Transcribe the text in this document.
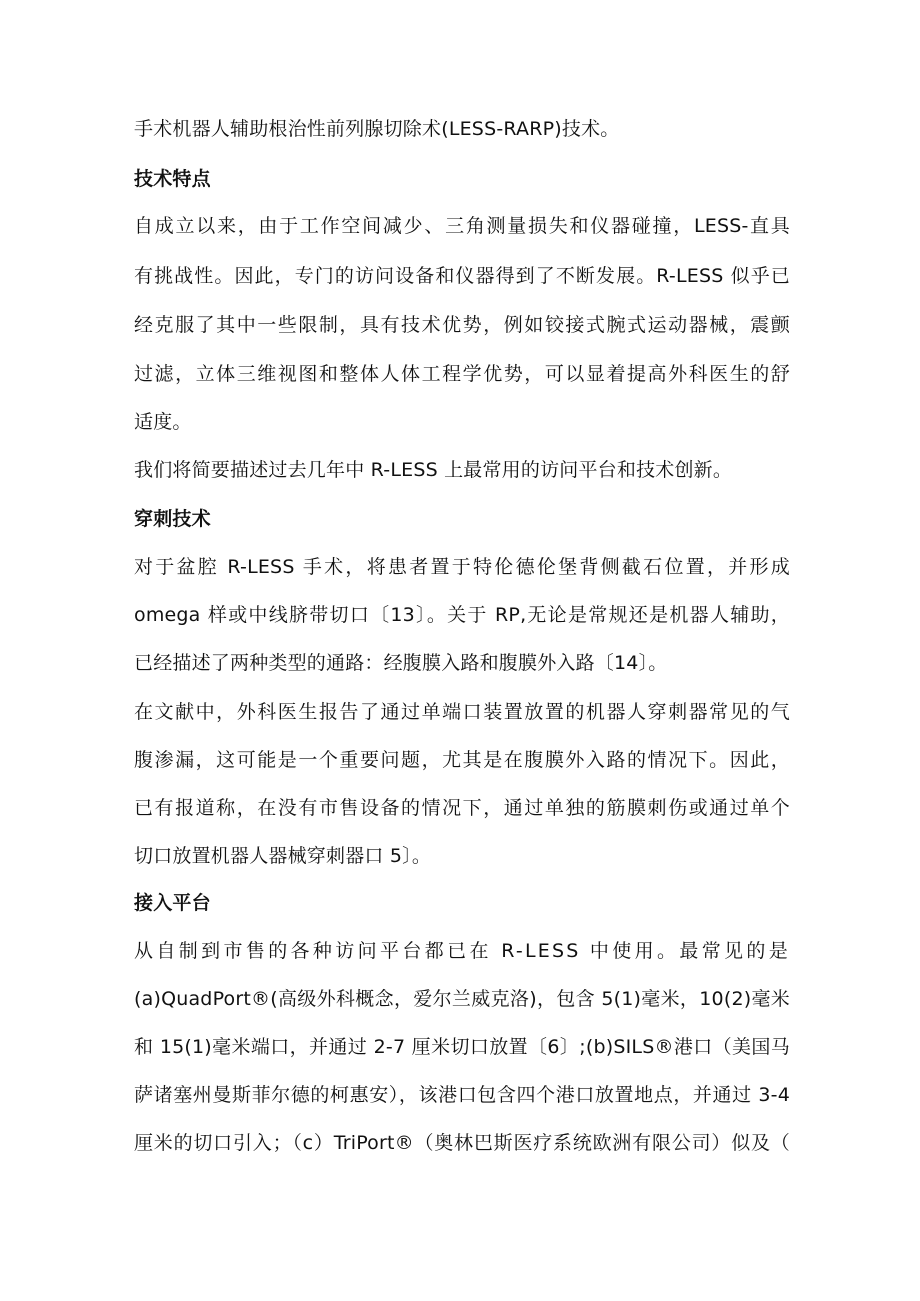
手术机器人辅助根治性前列腺切除术(LESS-RARP)技术。
技术特点
自成立以来，由于工作空间减少、三角测量损失和仪器碰撞，LESS-直具
有挑战性。因此，专门的访问设备和仪器得到了不断发展。R-LESS 似乎已
经克服了其中一些限制，具有技术优势，例如铰接式腕式运动器械，震颤
过滤，立体三维视图和整体人体工程学优势，可以显着提高外科医生的舒
适度。
我们将简要描述过去几年中 R-LESS 上最常用的访问平台和技术创新。
穿刺技术
对于盆腔 R-LESS 手术，将患者置于特伦德伦堡背侧截石位置，并形成
omega 样或中线脐带切口〔13〕。关于 RP,无论是常规还是机器人辅助，
已经描述了两种类型的通路：经腹膜入路和腹膜外入路〔14〕。
在文献中，外科医生报告了通过单端口装置放置的机器人穿刺器常见的气
腹渗漏，这可能是一个重要问题，尤其是在腹膜外入路的情况下。因此，
已有报道称，在没有市售设备的情况下，通过单独的筋膜刺伤或通过单个
切口放置机器人器械穿刺器口 5〕。
接入平台
从自制到市售的各种访问平台都已在 R-LESS 中使用。最常见的是
(a)QuadPort®(高级外科概念，爱尔兰威克洛)，包含 5(1)毫米，10(2)毫米
和 15(1)毫米端口，并通过 2-7 厘米切口放置〔6〕;(b)SILS®港口（美国马
萨诸塞州曼斯菲尔德的柯惠安），该港口包含四个港口放置地点，并通过 3-4
厘米的切口引入；（c）TriPort®（奥林巴斯医疗系统欧洲有限公司）似及（
